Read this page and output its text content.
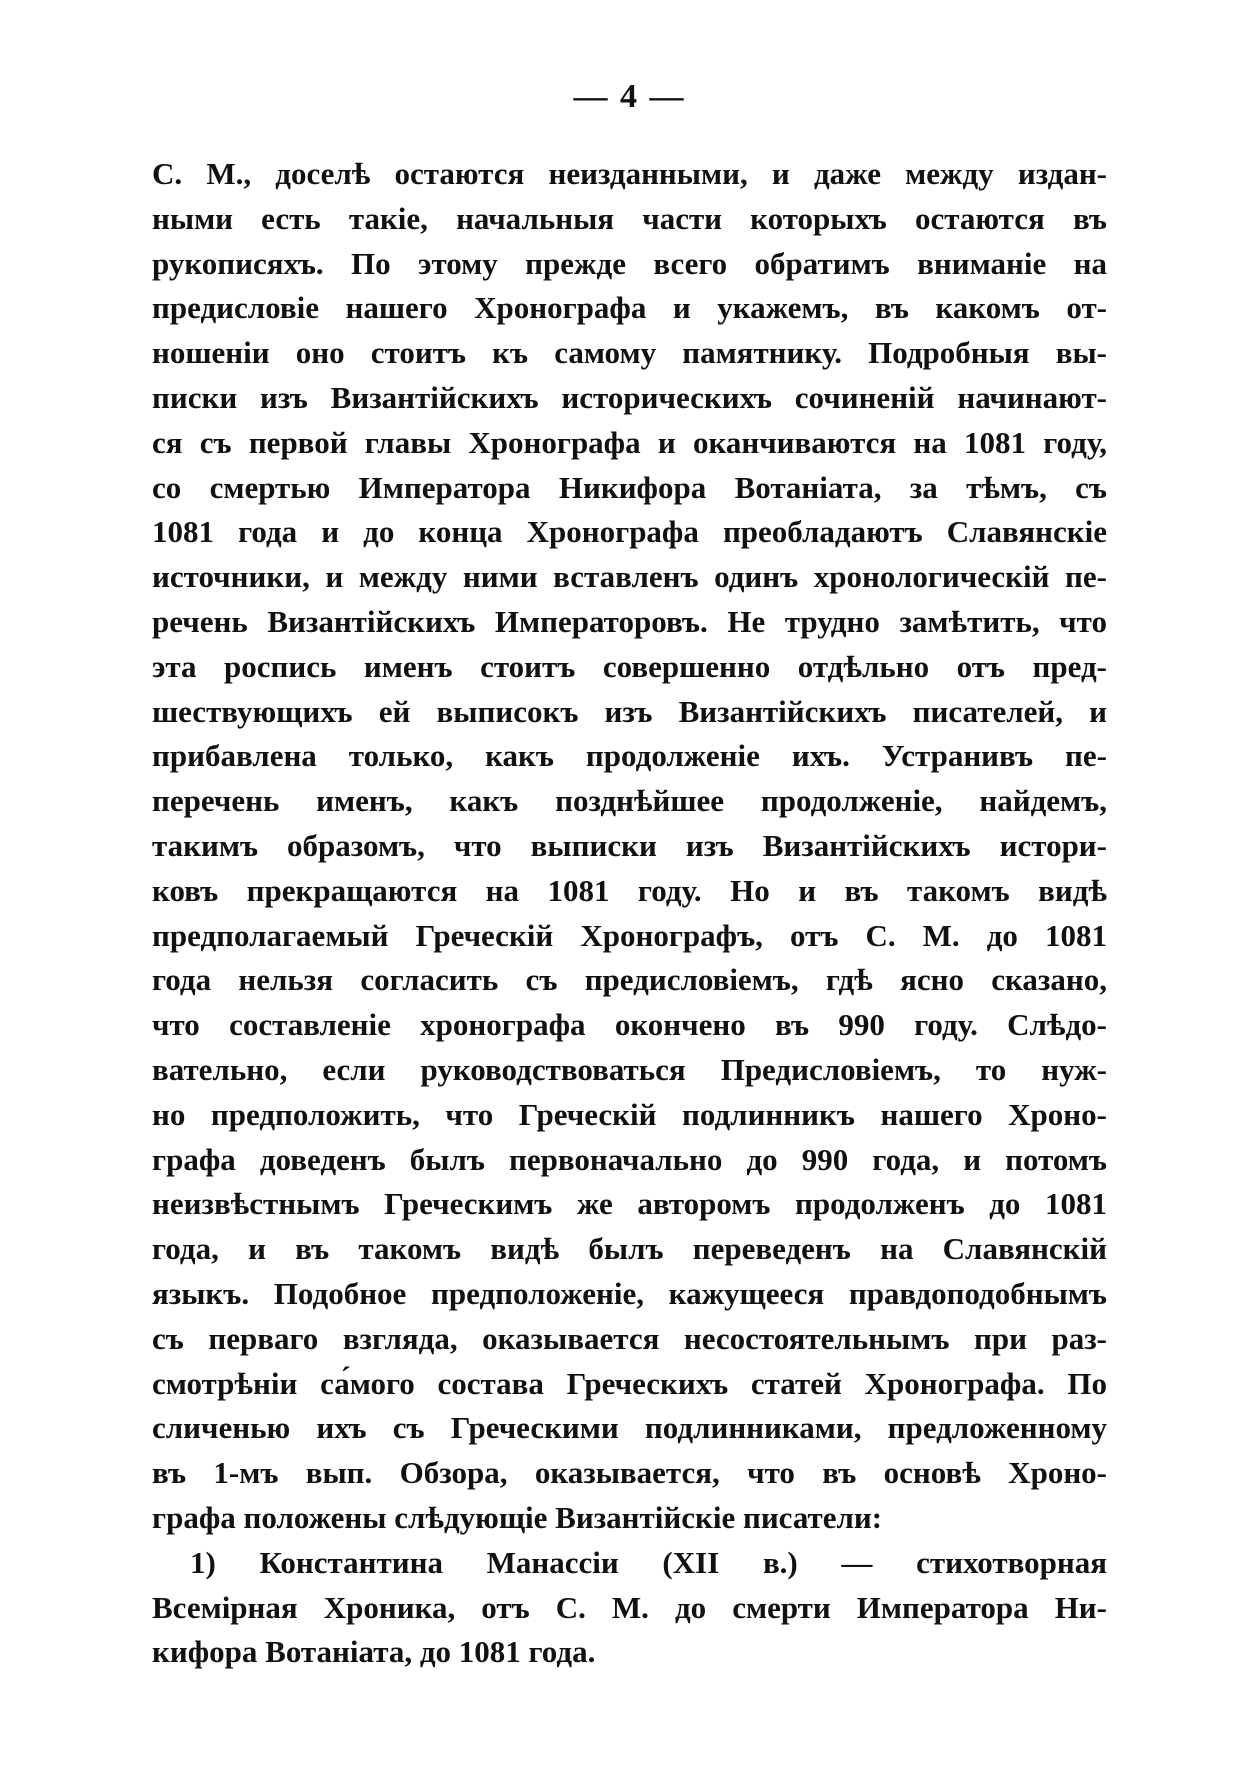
— 4 —
С. М., доселѣ остаются неизданными, и даже между издан-
ными есть такіе, начальныя части которыхъ остаются въ
рукописяхъ. По этому прежде всего обратимъ вниманіе на
предисловіе нашего Хронографа и укажемъ, въ какомъ от-
ношеніи оно стоитъ къ самому памятнику. Подробныя вы-
писки изъ Византійскихъ историческихъ сочиненій начинают-
ся съ первой главы Хронографа и оканчиваются на 1081 году,
со смертью Императора Никифора Вотаніата, за тѣмъ, съ
1081 года и до конца Хронографа преобладаютъ Славянскіе
источники, и между ними вставленъ одинъ хронологическій пе-
речень Византійскихъ Императоровъ. Не трудно замѣтить, что
эта роспись именъ стоитъ совершенно отдѣльно отъ пред-
шествующихъ ей выписокъ изъ Византійскихъ писателей, и
прибавлена только, какъ продолженіе ихъ. Устранивъ пе-
перечень именъ, какъ позднѣйшее продолженіе, найдемъ,
такимъ образомъ, что выписки изъ Византійскихъ истори-
ковъ прекращаются на 1081 году. Но и въ такомъ видѣ
предполагаемый Греческій Хронографъ, отъ С. М. до 1081
года нельзя согласить съ предисловіемъ, гдѣ ясно сказано,
что составленіе хронографа окончено въ 990 году. Слѣдо-
вательно, если руководствоваться Предисловіемъ, то нуж-
но предположить, что Греческій подлинникъ нашего Хроно-
графа доведенъ былъ первоначально до 990 года, и потомъ
неизвѣстнымъ Греческимъ же авторомъ продолженъ до 1081
года, и въ такомъ видѣ былъ переведенъ на Славянскій
языкъ. Подобное предположеніе, кажущееся правдоподобнымъ
съ перваго взгляда, оказывается несостоятельнымъ при раз-
смотрѣніи са́мого состава Греческихъ статей Хронографа. По
сличенью ихъ съ Греческими подлинниками, предложенному
въ 1-мъ вып. Обзора, оказывается, что въ основѣ Хроно-
графа положены слѣдующіе Византійскіе писатели:
1) Константина Манассіи (XII в.) — стихотворная
Всемірная Хроника, отъ С. М. до смерти Императора Ни-
кифора Вотаніата, до 1081 года.
